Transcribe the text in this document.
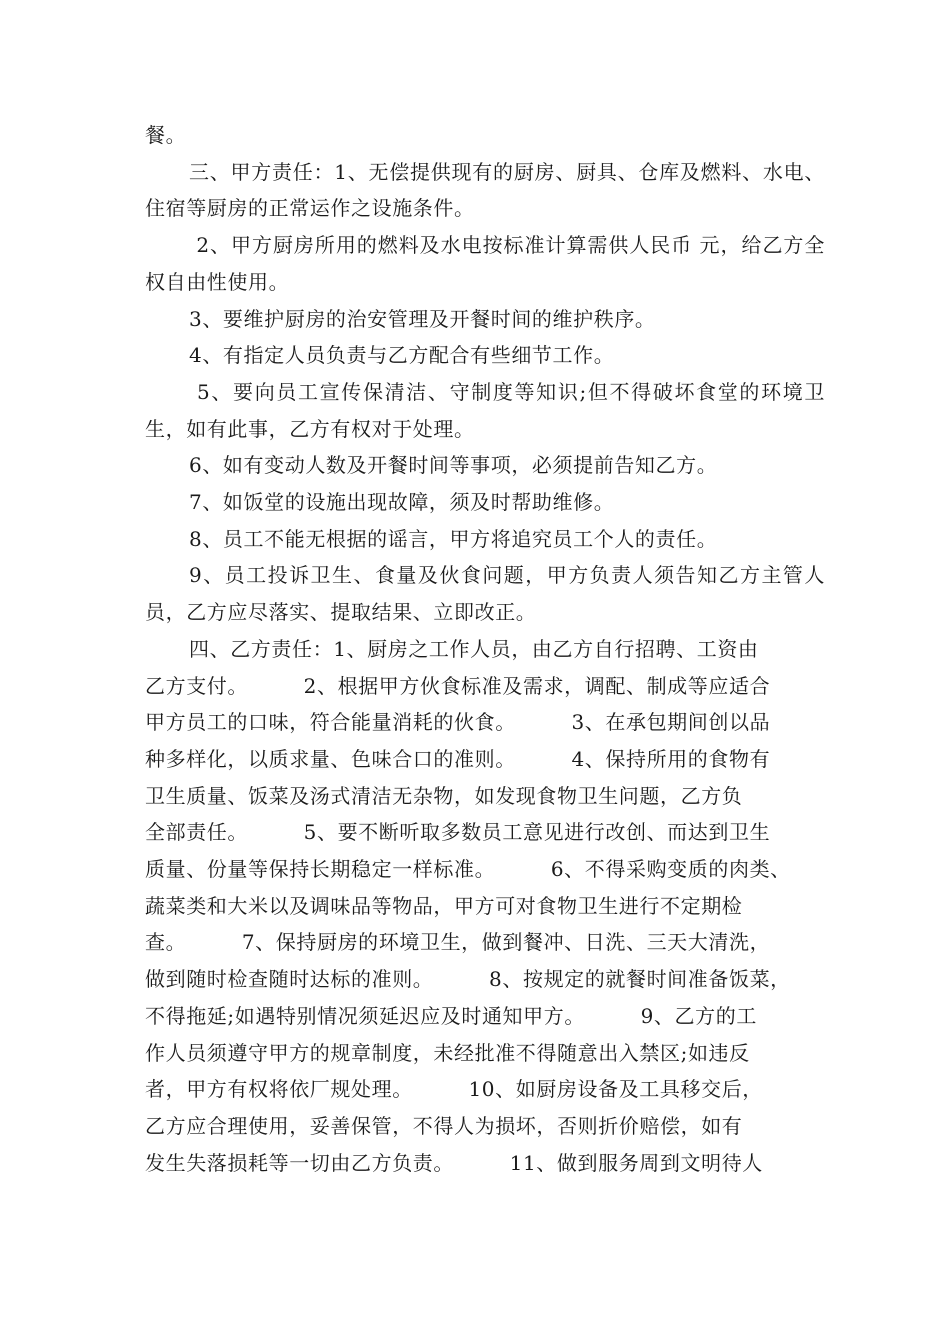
餐。

三、甲方责任：1、无偿提供现有的厨房、厨具、仓库及燃料、水电、住宿等厨房的正常运作之设施条件。

2、甲方厨房所用的燃料及水电按标准计算需供人民币 元，给乙方全权自由性使用。

3、要维护厨房的治安管理及开餐时间的维护秩序。

4、有指定人员负责与乙方配合有些细节工作。

5、要向员工宣传保清洁、守制度等知识;但不得破坏食堂的环境卫生，如有此事，乙方有权对于处理。

6、如有变动人数及开餐时间等事项，必须提前告知乙方。

7、如饭堂的设施出现故障，须及时帮助维修。

8、员工不能无根据的谣言，甲方将追究员工个人的责任。

9、员工投诉卫生、食量及伙食问题，甲方负责人须告知乙方主管人员，乙方应尽落实、提取结果、立即改正。

四、乙方责任：1、厨房之工作人员，由乙方自行招聘、工资由
乙方支付。        2、根据甲方伙食标准及需求，调配、制成等应适合
甲方员工的口味，符合能量消耗的伙食。        3、在承包期间创以品
种多样化，以质求量、色味合口的准则。        4、保持所用的食物有
卫生质量、饭菜及汤式清洁无杂物，如发现食物卫生问题，乙方负
全部责任。        5、要不断听取多数员工意见进行改创、而达到卫生
质量、份量等保持长期稳定一样标准。        6、不得采购变质的肉类、
蔬菜类和大米以及调味品等物品，甲方可对食物卫生进行不定期检
查。        7、保持厨房的环境卫生，做到餐冲、日洗、三天大清洗，
做到随时检查随时达标的准则。        8、按规定的就餐时间准备饭菜，
不得拖延;如遇特别情况须延迟应及时通知甲方。        9、乙方的工
作人员须遵守甲方的规章制度，未经批准不得随意出入禁区;如违反
者，甲方有权将依厂规处理。        10、如厨房设备及工具移交后，
乙方应合理使用，妥善保管，不得人为损坏，否则折价赔偿，如有
发生失落损耗等一切由乙方负责。        11、做到服务周到文明待人
